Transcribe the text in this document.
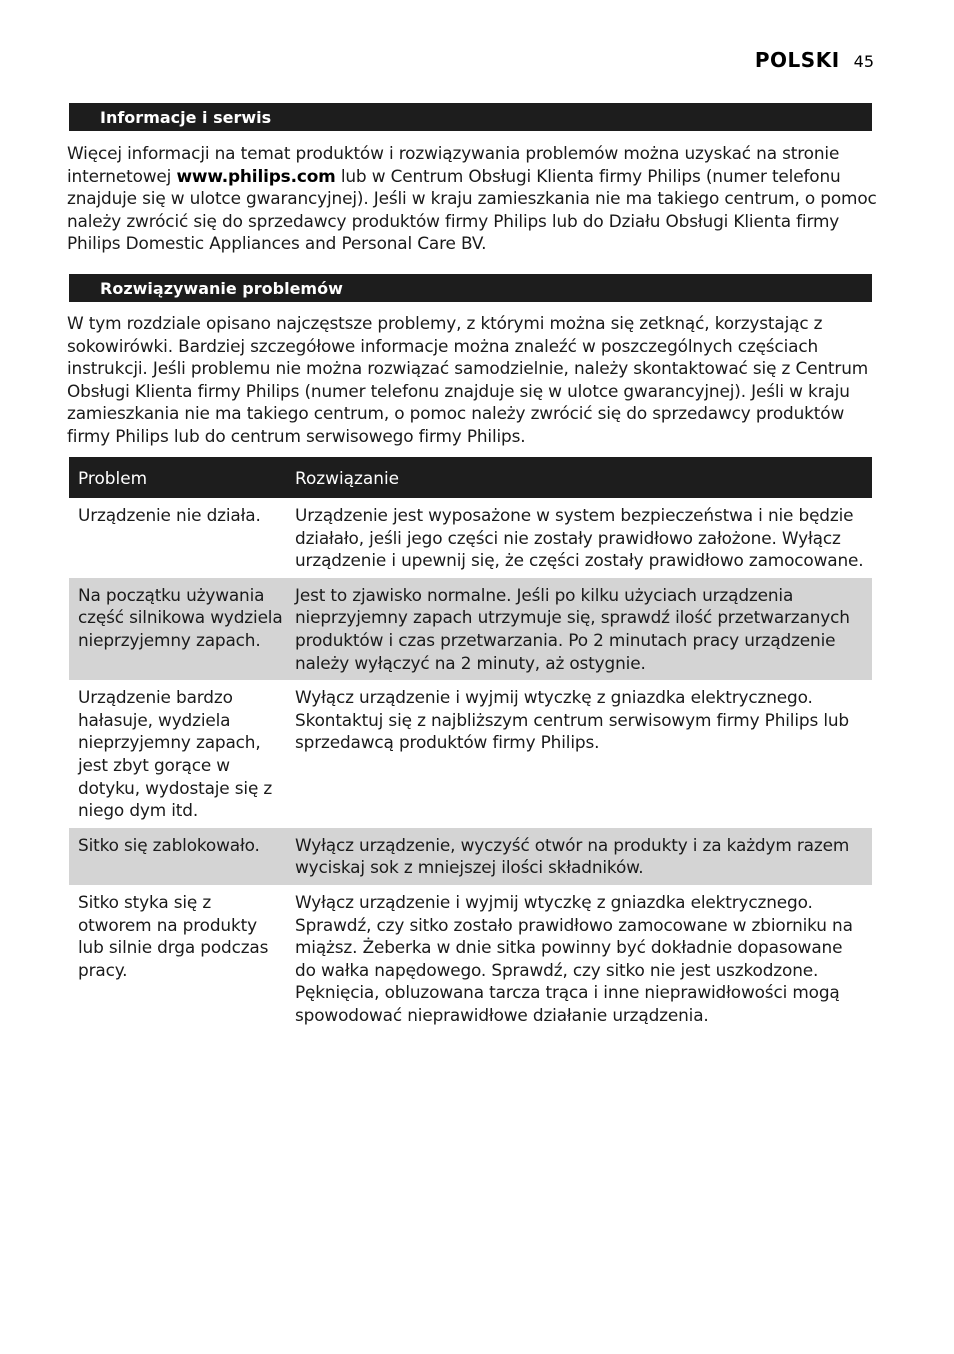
POLSKI 45
Informacje i serwis

Więcej informacji na temat produktów i rozwiązywania problemów można uzyskać na stronie internetowej www.philips.com lub w Centrum Obsługi Klienta firmy Philips (numer telefonu znajduje się w ulotce gwarancyjnej). Jeśli w kraju zamieszkania nie ma takiego centrum, o pomoc należy zwrócić się do sprzedawcy produktów firmy Philips lub do Działu Obsługi Klienta firmy Philips Domestic Appliances and Personal Care BV.

Rozwiązywanie problemów

W tym rozdziale opisano najczęstsze problemy, z którymi można się zetknąć, korzystając z sokowirówki. Bardziej szczegółowe informacje można znaleźć w poszczególnych częściach instrukcji. Jeśli problemu nie można rozwiązać samodzielnie, należy skontaktować się z Centrum Obsługi Klienta firmy Philips (numer telefonu znajduje się w ulotce gwarancyjnej). Jeśli w kraju zamieszkania nie ma takiego centrum, o pomoc należy zwrócić się do sprzedawcy produktów firmy Philips lub do centrum serwisowego firmy Philips.

Problem	Rozwiązanie
Urządzenie nie działa.	Urządzenie jest wyposażone w system bezpieczeństwa i nie będzie działało, jeśli jego części nie zostały prawidłowo założone. Wyłącz urządzenie i upewnij się, że części zostały prawidłowo zamocowane.
Na początku używania część silnikowa wydziela nieprzyjemny zapach.	Jest to zjawisko normalne. Jeśli po kilku użyciach urządzenia nieprzyjemny zapach utrzymuje się, sprawdź ilość przetwarzanych produktów i czas przetwarzania. Po 2 minutach pracy urządzenie należy wyłączyć na 2 minuty, aż ostygnie.
Urządzenie bardzo hałasuje, wydziela nieprzyjemny zapach, jest zbyt gorące w dotyku, wydostaje się z niego dym itd.	Wyłącz urządzenie i wyjmij wtyczkę z gniazdka elektrycznego. Skontaktuj się z najbliższym centrum serwisowym firmy Philips lub sprzedawcą produktów firmy Philips.
Sitko się zablokowało.	Wyłącz urządzenie, wyczyść otwór na produkty i za każdym razem wyciskaj sok z mniejszej ilości składników.
Sitko styka się z otworem na produkty lub silnie drga podczas pracy.	Wyłącz urządzenie i wyjmij wtyczkę z gniazdka elektrycznego. Sprawdź, czy sitko zostało prawidłowo zamocowane w zbiorniku na miąższ. Żeberka w dnie sitka powinny być dokładnie dopasowane do wałka napędowego. Sprawdź, czy sitko nie jest uszkodzone. Pęknięcia, obluzowana tarcza trąca i inne nieprawidłowości mogą spowodować nieprawidłowe działanie urządzenia.
